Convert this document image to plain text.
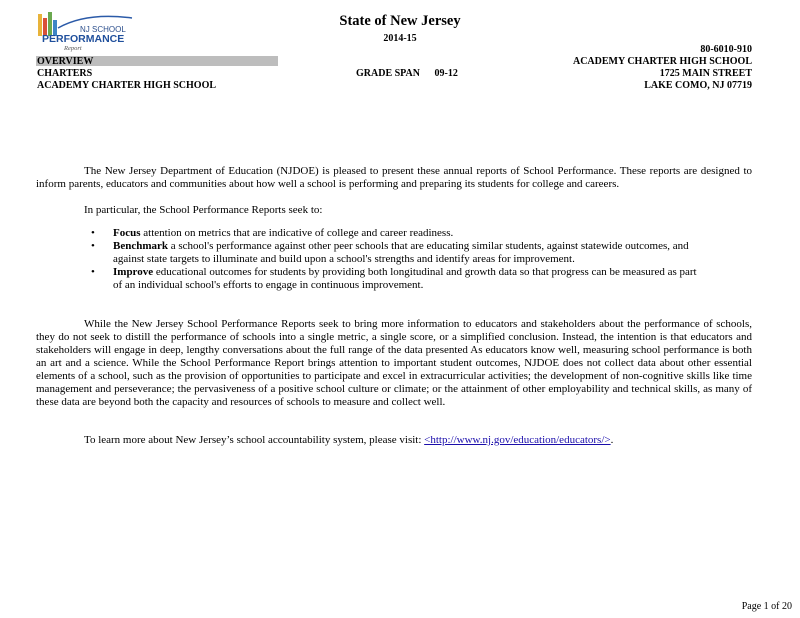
NJ SCHOOL
PERFORMANCE
Report
State of New Jersey
2014-15
OVERVIEW
CHARTERS
ACADEMY CHARTER HIGH SCHOOL
GRADE SPAN 09-12
80-6010-910
ACADEMY CHARTER HIGH SCHOOL
1725 MAIN STREET
LAKE COMO, NJ 07719
The New Jersey Department of Education (NJDOE) is pleased to present these annual reports of School Performance. These reports are designed to inform parents, educators and communities about how well a school is performing and preparing its students for college and careers.
In particular, the School Performance Reports seek to:
• Focus attention on metrics that are indicative of college and career readiness.
• Benchmark a school's performance against other peer schools that are educating similar students, against statewide outcomes, and against state targets to illuminate and build upon a school's strengths and identify areas for improvement.
• Improve educational outcomes for students by providing both longitudinal and growth data so that progress can be measured as part of an individual school's efforts to engage in continuous improvement.
While the New Jersey School Performance Reports seek to bring more information to educators and stakeholders about the performance of schools, they do not seek to distill the performance of schools into a single metric, a single score, or a simplified conclusion. Instead, the intention is that educators and stakeholders will engage in deep, lengthy conversations about the full range of the data presented As educators know well, measuring school performance is both an art and a science. While the School Performance Report brings attention to important student outcomes, NJDOE does not collect data about other essential elements of a school, such as the provision of opportunities to participate and excel in extracurricular activities; the development of non-cognitive skills like time management and perseverance; the pervasiveness of a positive school culture or climate; or the attainment of other employability and technical skills, as many of these data are beyond both the capacity and resources of schools to measure and collect well.
To learn more about New Jersey’s school accountability system, please visit: <http://www.nj.gov/education/educators/>.
Page 1 of 20
